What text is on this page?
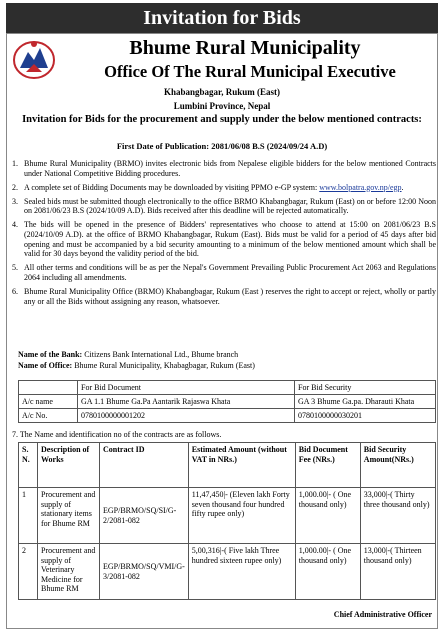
Invitation for Bids
Bhume Rural Municipality
Office Of The Rural Municipal Executive
Khabangbagar, Rukum (East)
Lumbini Province, Nepal
Invitation for Bids for the procurement and supply under the below mentioned contracts:
First Date of Publication: 2081/06/08 B.S (2024/09/24 A.D)
1. Bhume Rural Municipality (BRMO) invites electronic bids from Nepalese eligible bidders for the below mentioned Contracts under National Competitive Bidding procedures.
2. A complete set of Bidding Documents may be downloaded by visiting PPMO e-GP system: www.bolpatra.gov.np/egp.
3. Sealed bids must be submitted though electronically to the office BRMO Khabangbagar, Rukum (East) on or before 12:00 Noon on 2081/06/23 B.S (2024/10/09 A.D). Bids received after this deadline will be rejected automatically.
4. The bids will be opened in the presence of Bidders' representatives who choose to attend at 15:00 on 2081/06/23 B.S (2024/10/09 A.D). at the office of BRMO Khabangbagar, Rukum (East). Bids must be valid for a period of 45 days after bid opening and must be accompanied by a bid security amounting to a minimum of the below mentioned amount which shall be valid for 30 days beyond the validity period of the bid.
5. All other terms and conditions will be as per the Nepal's Government Prevailing Public Procurement Act 2063 and Regulations 2064 including all amendments.
6. Bhume Rural Municipality Office (BRMO) Khabangbagar, Rukum (East ) reserves the right to accept or reject, wholly or partly any or all the Bids without assigning any reason, whatsoever.
Name of the Bank: Citizens Bank International Ltd., Bhume branch
Name of Office: Bhume Rural Municipality, Khabagbagar, Rukum (East)
	For Bid Document	For Bid Security
A/c name	GA 1.1 Bhume Ga.Pa Aantarik Rajaswa Khata	GA 3 Bhume Ga.pa. Dharauti Khata
A/c No.	0780100000001202	0780100000030201
7. The Name and identification no of the contracts are as follows.
S. N.	Description of Works	Contract ID	Estimated Amount (without VAT in NRs.)	Bid Document Fee (NRs.)	Bid Security Amount(NRs.)
1	Procurement and supply of stationary items for Bhume RM	EGP/BRMO/SQ/SI/G-2/2081-082	11,47,450|- (Eleven lakh Forty seven thousand four hundred fifty rupee only)	1,000.00|- ( One thousand only)	33,000|-( Thirty three thousand only)
2	Procurement and supply of Veterinary Medicine for Bhume RM	EGP/BRMO/SQ/VMI/G-3/2081-082	5,00,316|-( Five lakh Three hundred sixteen rupee only)	1,000.00|- ( One thousand only)	13,000|-( Thirteen thousand only)
Chief Administrative Officer
